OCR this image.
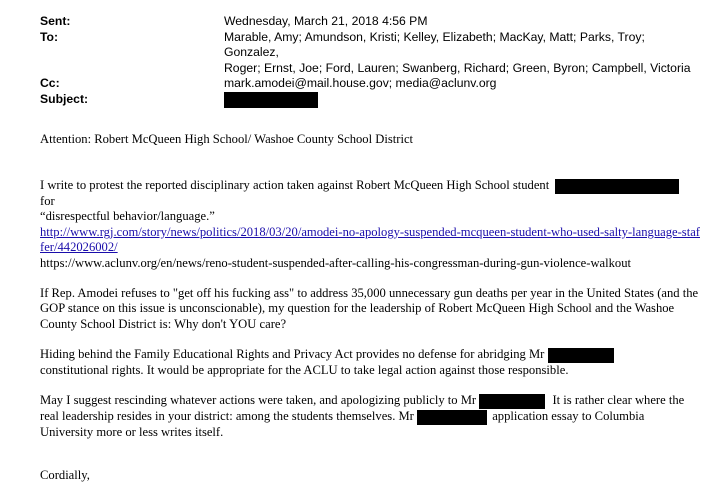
Sent:	Wednesday, March 21, 2018 4:56 PM
To:	Marable, Amy; Amundson, Kristi; Kelley, Elizabeth; MacKay, Matt; Parks, Troy; Gonzalez,
Roger; Ernst, Joe; Ford, Lauren; Swanberg, Richard; Green, Byron; Campbell, Victoria
Cc:	mark.amodei@mail.house.gov; media@aclunv.org
Subject:

Attention: Robert McQueen High School/ Washoe County School District

I write to protest the reported disciplinary action taken against Robert McQueen High School student  for
“disrespectful behavior/language.”
http://www.rgj.com/story/news/politics/2018/03/20/amodei-no-apology-suspended-mcqueen-student-who-used-salty-language-staffer/442026002/
https://www.aclunv.org/en/news/reno-student-suspended-after-calling-his-congressman-during-gun-violence-walkout

If Rep. Amodei refuses to "get off his fucking ass" to address 35,000 unnecessary gun deaths per year in the United States (and the GOP stance on this issue is unconscionable), my question for the leadership of Robert McQueen High School and the Washoe County School District is: Why don't YOU care?

Hiding behind the Family Educational Rights and Privacy Act provides no defense for abridging Mr
constitutional rights. It would be appropriate for the ACLU to take legal action against those responsible.

May I suggest rescinding whatever actions were taken, and apologizing publicly to Mr	It is rather clear where the real leadership resides in your district: among the students themselves. Mr	application essay to Columbia University more or less writes itself.

Cordially,
